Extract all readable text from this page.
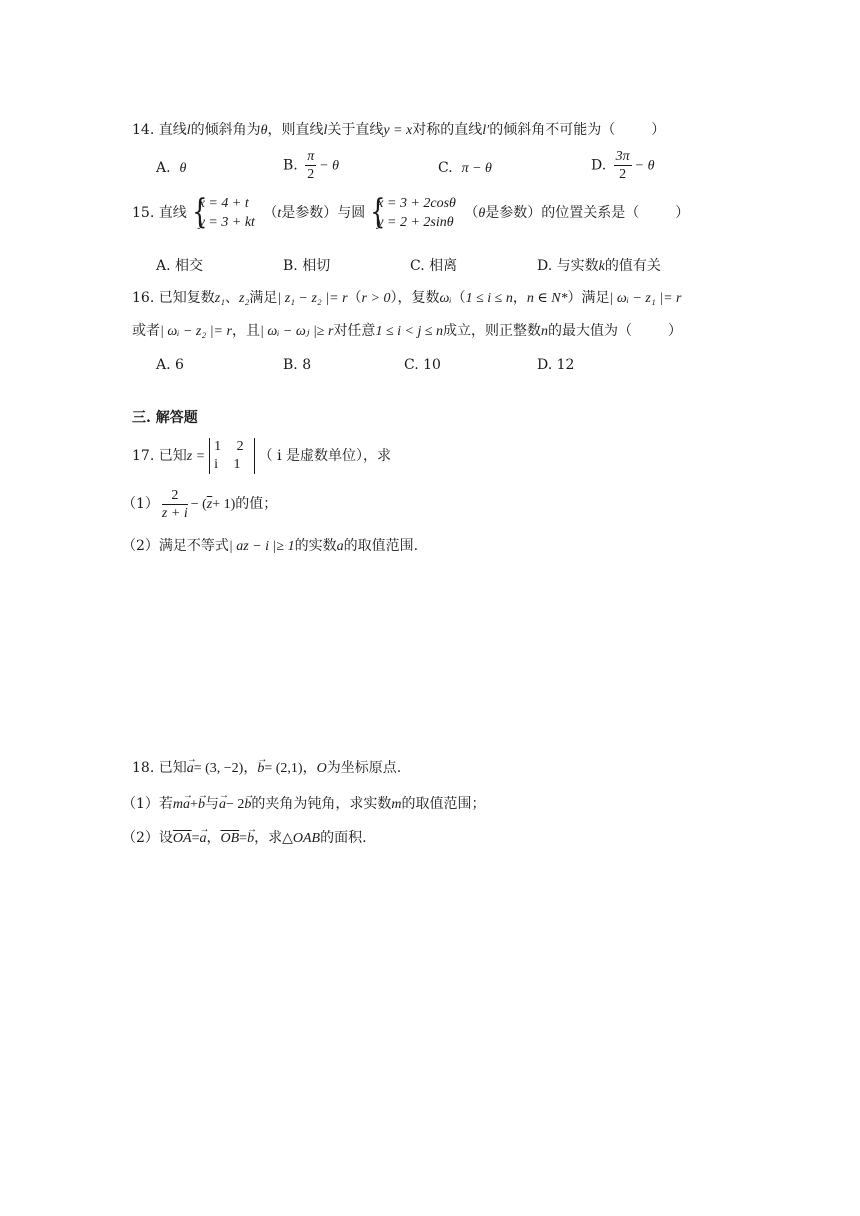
14. 直线l的倾斜角为θ，则直线l关于直线y = x对称的直线l′的倾斜角不可能为（	）
A. θ	B. $\frac{\pi}{2} - \theta$	C. π − θ	D. $\frac{3\pi}{2} - \theta$
15. 直线 {
x = 4 + t
y = 3 + kt
（t是参数）与圆 {
x = 3 + 2cosθ
y = 2 + 2sinθ
（θ是参数）的位置关系是（	）
A. 相交	B. 相切	C. 相离	D. 与实数k的值有关
16. 已知复数z₁、z₂满足| z₁ − z₂ |= r（r > 0），复数ωᵢ（1 ≤ i ≤ n，n ∈ N*）满足| ωᵢ − z₁ |= r
或者| ωᵢ − z₂ |= r，且| ωᵢ − ωⱼ |≥ r对任意1 ≤ i < j ≤ n成立，则正整数n的最大值为（	）
A. 6	B. 8	C. 10	D. 12
三. 解答题
17. 已知z =
1 2
i 1
（ i 是虚数单位），求
$(1) \frac{2}{z + i} - (\overline{z}+ 1)$的值；
（2）满足不等式| az − i |≥ 1的实数a的取值范围.
18. 已知→ a= (3, −2)，→ b= (2,1)，O为坐标原点.
（1）若m→ a+→ b与→ a− 2→ b的夹角为钝角，求实数m的取值范围；
（2）设$\overline{OA}=\to a$，$\overline{OB}=\to b$，求△OAB的面积.
